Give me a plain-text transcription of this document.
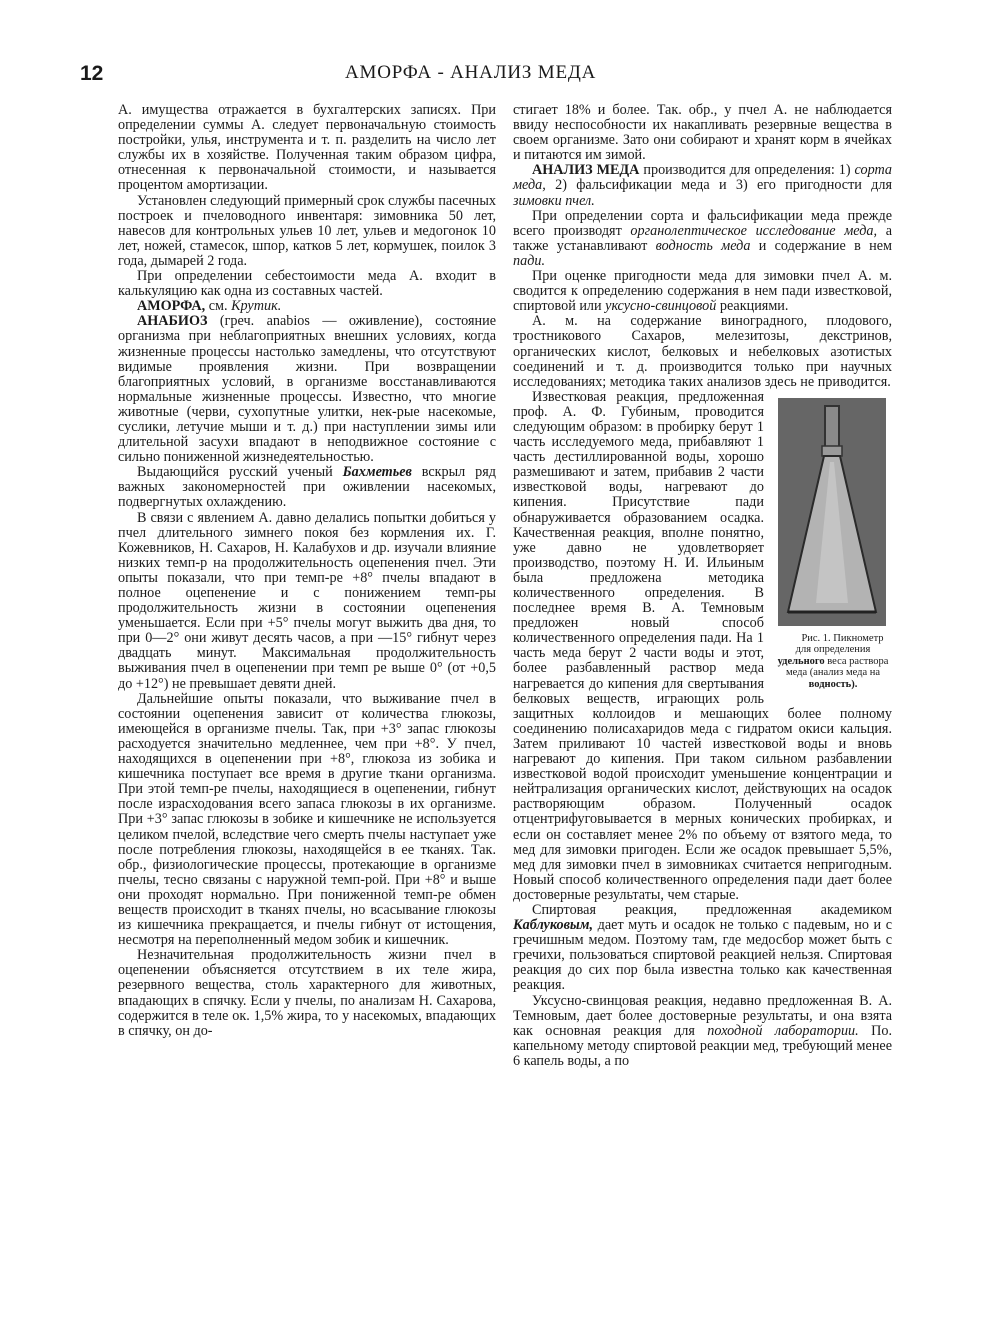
12	АМОРФА - АНАЛИЗ МЕДА

А. имущества отражается в бухгалтерских записях. При определении суммы А. следует первоначальную стоимость постройки, улья, инструмента и т. п. разделить на число лет службы их в хозяйстве. Полученная таким образом цифра, отнесенная к первоначальной стоимости, и называется процентом амортизации.

Установлен следующий примерный срок службы пасечных построек и пчеловодного инвентаря: зимовника 50 лет, навесов для контрольных ульев 10 лет, ульев и медогонок 10 лет, ножей, стамесок, шпор, катков 5 лет, кормушек, поилок 3 года, дымарей 2 года.

При определении себестоимости меда А. входит в калькуляцию как одна из составных частей.

АМОРФА, см. Крутик.

АНАБИОЗ (греч. anabios — оживление), состояние организма при неблагоприятных внешних условиях, когда жизненные процессы настолько замедлены, что отсутствуют видимые проявления жизни. При возвращении благоприятных условий, в организме восстанавливаются нормальные жизненные процессы. Известно, что многие животные (черви, сухопутные улитки, нек-рые насекомые, суслики, летучие мыши и т. д.) при наступлении зимы или длительной засухи впадают в неподвижное состояние с сильно пониженной жизнедеятельностью.

Выдающийся русский ученый Бахметьев вскрыл ряд важных закономерностей при оживлении насекомых, подвергнутых охлаждению.

В связи с явлением А. давно делались попытки добиться у пчел длительного зимнего покоя без кормления их. Г. Кожевников, Н. Сахаров, Н. Калабухов и др. изучали влияние низких темп-р на продолжительность оцепенения пчел. Эти опыты показали, что при темп-ре +8° пчелы впадают в полное оцепенение и с понижением темп-ры продолжительность жизни в состоянии оцепенения уменьшается. Если при +5° пчелы могут выжить два дня, то при 0—2° они живут десять часов, а при —15° гибнут через двадцать минут. Максимальная продолжительность выживания пчел в оцепенении при темп ре выше 0° (от +0,5 до +12°) не превышает девяти дней.

Дальнейшие опыты показали, что выживание пчел в состоянии оцепенения зависит от количества глюкозы, имеющейся в организме пчелы. Так, при +3° запас глюкозы расходуется значительно медленнее, чем при +8°. У пчел, находящихся в оцепенении при +8°, глюкоза из зобика и кишечника поступает все время в другие ткани организма. При этой темп-ре пчелы, находящиеся в оцепенении, гибнут после израсходования всего запаса глюкозы в их организме. При +3° запас глюкозы в зобике и кишечнике не используется целиком пчелой, вследствие чего смерть пчелы наступает уже после потребления глюкозы, находящейся в ее тканях. Так. обр., физиологические процессы, протекающие в организме пчелы, тесно связаны с наружной темп-рой. При +8° и выше они проходят нормально. При пониженной темп-ре обмен веществ происходит в тканях пчелы, но всасывание глюкозы из кишечника прекращается, и пчелы гибнут от истощения, несмотря на переполненный медом зобик и кишечник.

Незначительная продолжительность жизни пчел в оцепенении объясняется отсутствием в их теле жира, резервного вещества, столь характерного для животных, впадающих в спячку. Если у пчелы, по анализам Н. Сахарова, содержится в теле ок. 1,5% жира, то у насекомых, впадающих в спячку, он до-

стигает 18% и более. Так. обр., у пчел А. не наблюдается ввиду неспособности их накапливать резервные вещества в своем организме. Зато они собирают и хранят корм в ячейках и питаются им зимой.

АНАЛИЗ МЕДА производится для определения: 1) сорта меда, 2) фальсификации меда и 3) его пригодности для зимовки пчел.

При определении сорта и фальсификации меда прежде всего производят органолептическое исследование меда, а также устанавливают водность меда и содержание в нем пади.

При оценке пригодности меда для зимовки пчел А. м. сводится к определению содержания в нем пади известковой, спиртовой или уксусно-свинцовой реакциями.

А. м. на содержание виноградного, плодового, тростникового Сахаров, мелезитозы, декстринов, органических кислот, белковых и небелковых азотистых соединений и т. д. производится только при научных исследованиях; методика таких анализов здесь не приводится.

Рис. 1. Пикнометр для определения удельного веса раствора меда (анализ меда на водность).

Известковая реакция, предложенная проф. А. Ф. Губиным, проводится следующим образом: в пробирку берут 1 часть исследуемого меда, прибавляют 1 часть дестиллированной воды, хорошо размешивают и затем, прибавив 2 части известковой воды, нагревают до кипения. Присутствие пади обнаруживается образованием осадка. Качественная реакция, вполне понятно, уже давно не удовлетворяет производство, поэтому Н. И. Ильиным была предложена методика количественного определения. В последнее время В. А. Темновым предложен новый способ количественного определения пади. На 1 часть меда берут 2 части воды и этот, более разбавленный раствор меда нагревается до кипения для свертывания белковых веществ, играющих роль защитных коллоидов и мешающих более полному соединению полисахаридов меда с гидратом окиси кальция. Затем приливают 10 частей известковой воды и вновь нагревают до кипения. При таком сильном разбавлении известковой водой происходит уменьшение концентрации и нейтрализация органических кислот, действующих на осадок растворяющим образом. Полученный осадок отцентрифуговывается в мерных конических пробирках, и если он составляет менее 2% по объему от взятого меда, то мед для зимовки пригоден. Если же осадок превышает 5,5%, мед для зимовки пчел в зимовниках считается непригодным. Новый способ количественного определения пади дает более достоверные результаты, чем старые.

Спиртовая реакция, предложенная академиком Каблуковым, дает муть и осадок не только с падевым, но и с гречишным медом. Поэтому там, где медосбор может быть с гречихи, пользоваться спиртовой реакцией нельзя. Спиртовая реакция до сих пор была известна только как качественная реакция.

Уксусно-свинцовая реакция, недавно предложенная В. А. Темновым, дает более достоверные результаты, и она взята как основная реакция для походной лаборатории. По. капельному методу спиртовой реакции мед, требующий менее 6 капель воды, а по
